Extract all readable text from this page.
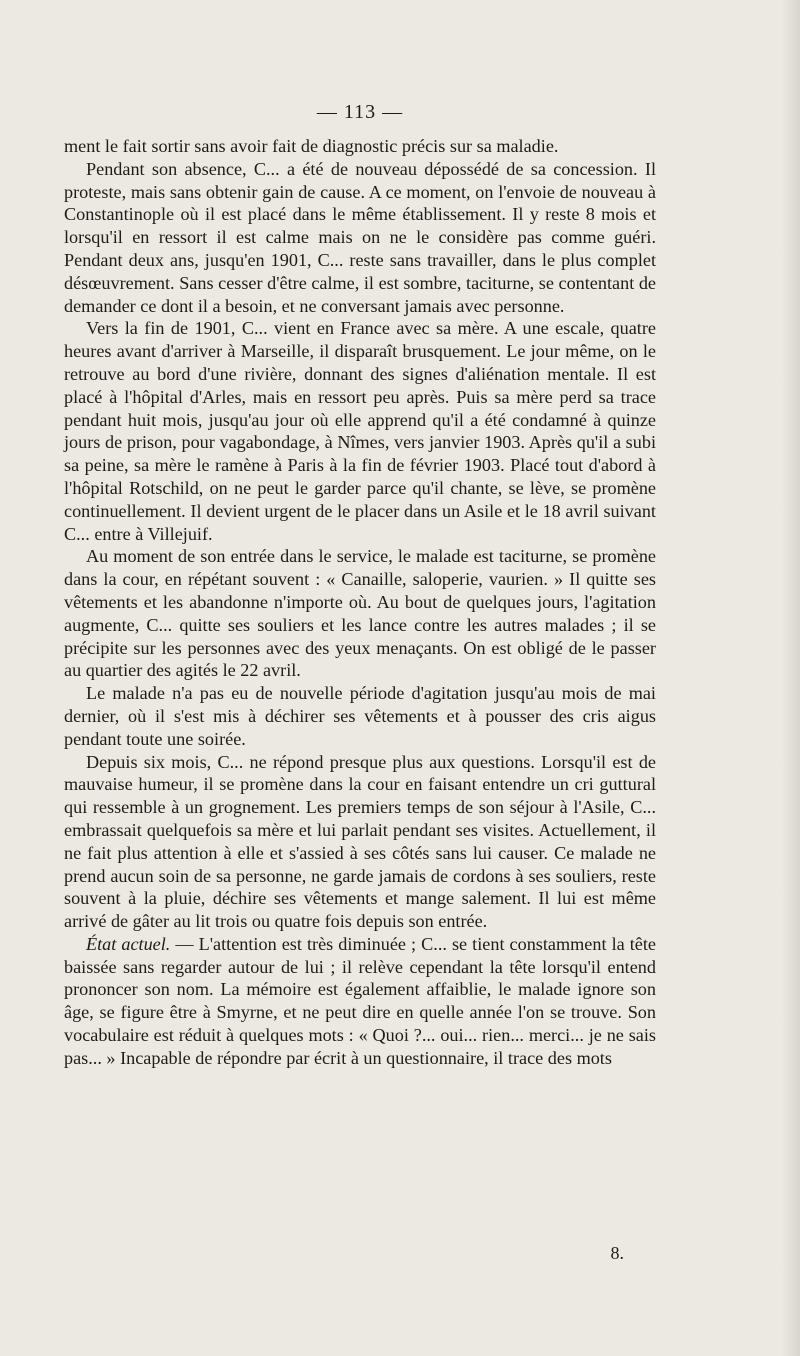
— 113 —

ment le fait sortir sans avoir fait de diagnostic précis sur sa maladie.

Pendant son absence, C... a été de nouveau dépossédé de sa concession. Il proteste, mais sans obtenir gain de cause. A ce moment, on l'envoie de nouveau à Constantinople où il est placé dans le même établissement. Il y reste 8 mois et lorsqu'il en ressort il est calme mais on ne le considère pas comme guéri. Pendant deux ans, jusqu'en 1901, C... reste sans travailler, dans le plus complet désœuvrement. Sans cesser d'être calme, il est sombre, taciturne, se contentant de demander ce dont il a besoin, et ne conversant jamais avec personne.

Vers la fin de 1901, C... vient en France avec sa mère. A une escale, quatre heures avant d'arriver à Marseille, il disparaît brusquement. Le jour même, on le retrouve au bord d'une rivière, donnant des signes d'aliénation mentale. Il est placé à l'hôpital d'Arles, mais en ressort peu après. Puis sa mère perd sa trace pendant huit mois, jusqu'au jour où elle apprend qu'il a été condamné à quinze jours de prison, pour vagabondage, à Nîmes, vers janvier 1903. Après qu'il a subi sa peine, sa mère le ramène à Paris à la fin de février 1903. Placé tout d'abord à l'hôpital Rotschild, on ne peut le garder parce qu'il chante, se lève, se promène continuellement. Il devient urgent de le placer dans un Asile et le 18 avril suivant C... entre à Villejuif.

Au moment de son entrée dans le service, le malade est taciturne, se promène dans la cour, en répétant souvent : « Canaille, saloperie, vaurien. » Il quitte ses vêtements et les abandonne n'importe où. Au bout de quelques jours, l'agitation augmente, C... quitte ses souliers et les lance contre les autres malades ; il se précipite sur les personnes avec des yeux menaçants. On est obligé de le passer au quartier des agités le 22 avril.

Le malade n'a pas eu de nouvelle période d'agitation jusqu'au mois de mai dernier, où il s'est mis à déchirer ses vêtements et à pousser des cris aigus pendant toute une soirée.

Depuis six mois, C... ne répond presque plus aux questions. Lorsqu'il est de mauvaise humeur, il se promène dans la cour en faisant entendre un cri guttural qui ressemble à un grognement. Les premiers temps de son séjour à l'Asile, C... embrassait quelquefois sa mère et lui parlait pendant ses visites. Actuellement, il ne fait plus attention à elle et s'assied à ses côtés sans lui causer. Ce malade ne prend aucun soin de sa personne, ne garde jamais de cordons à ses souliers, reste souvent à la pluie, déchire ses vêtements et mange salement. Il lui est même arrivé de gâter au lit trois ou quatre fois depuis son entrée.

État actuel. — L'attention est très diminuée ; C... se tient constamment la tête baissée sans regarder autour de lui ; il relève cependant la tête lorsqu'il entend prononcer son nom. La mémoire est également affaiblie, le malade ignore son âge, se figure être à Smyrne, et ne peut dire en quelle année l'on se trouve. Son vocabulaire est réduit à quelques mots : « Quoi ?... oui... rien... merci... je ne sais pas... » Incapable de répondre par écrit à un questionnaire, il trace des mots

8.
